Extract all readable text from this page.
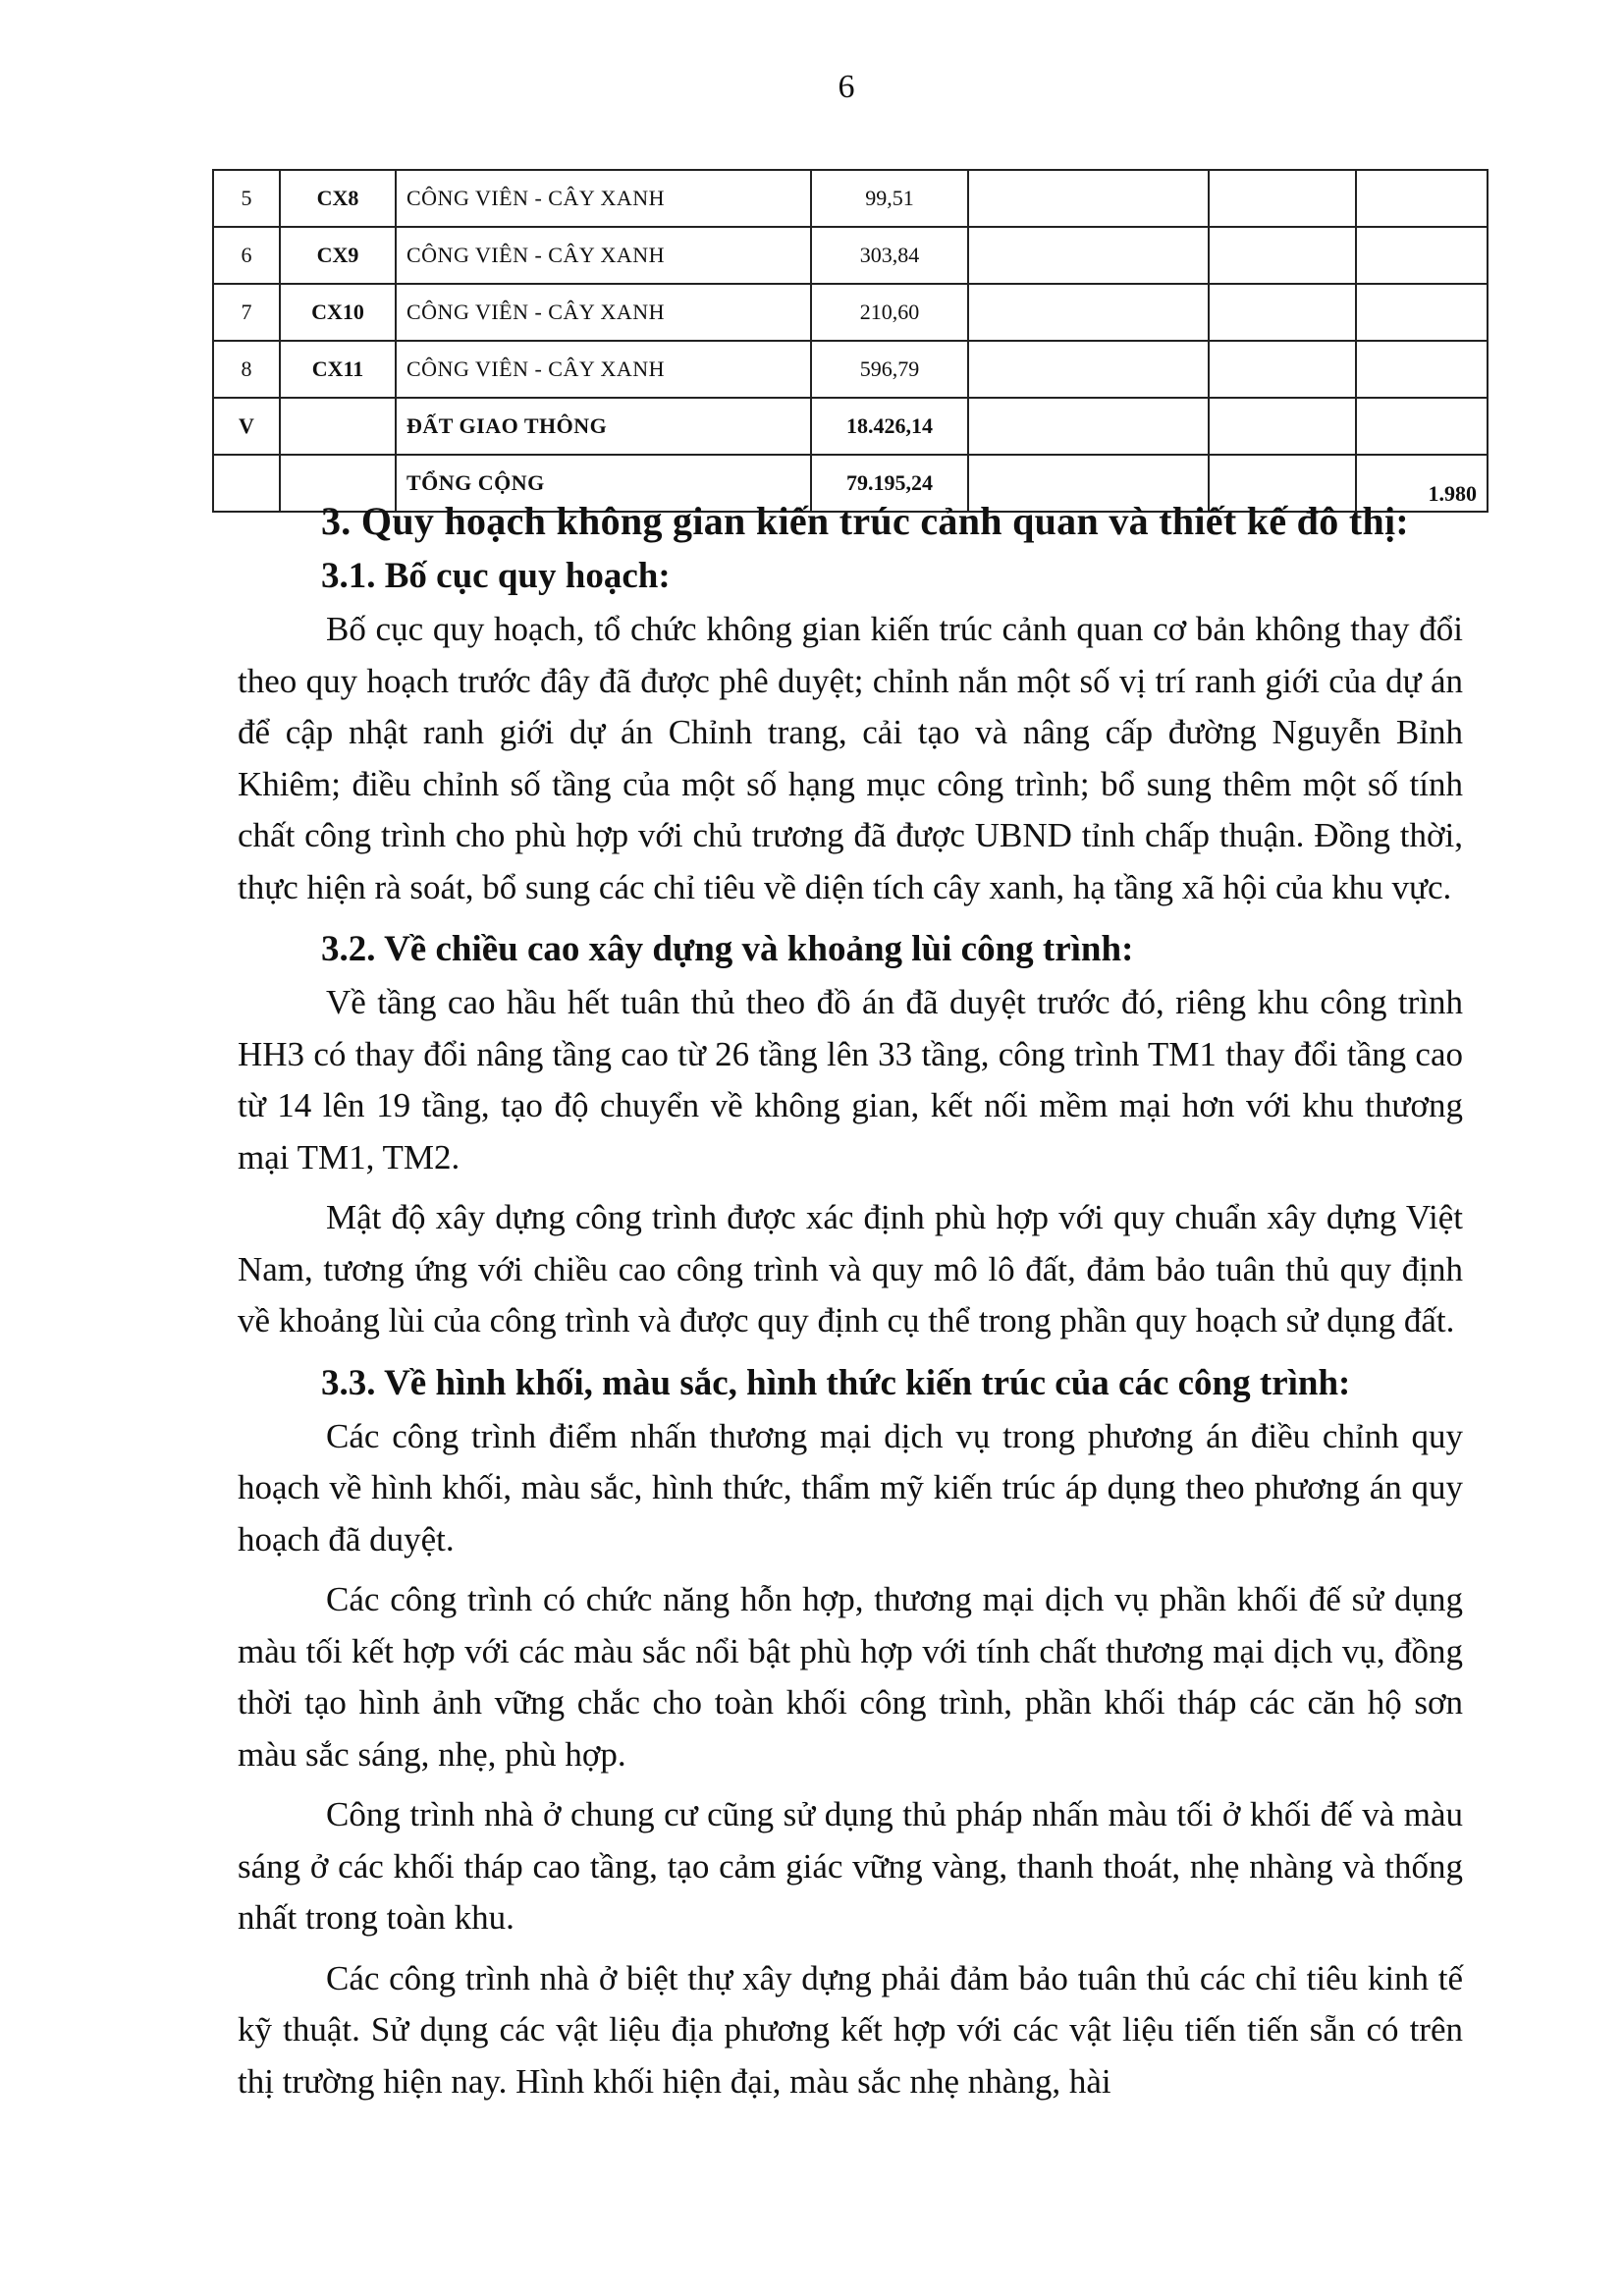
6
5	CX8	CÔNG VIÊN - CÂY XANH	99,51			
6	CX9	CÔNG VIÊN - CÂY XANH	303,84			
7	CX10	CÔNG VIÊN - CÂY XANH	210,60			
8	CX11	CÔNG VIÊN - CÂY XANH	596,79			
V		ĐẤT GIAO THÔNG	18.426,14			
		TỔNG CỘNG	79.195,24			1.980

3. Quy hoạch không gian kiến trúc cảnh quan và thiết kế đô thị:

3.1. Bố cục quy hoạch:

Bố cục quy hoạch, tổ chức không gian kiến trúc cảnh quan cơ bản không thay đổi theo quy hoạch trước đây đã được phê duyệt; chỉnh nắn một số vị trí ranh giới của dự án để cập nhật ranh giới dự án Chỉnh trang, cải tạo và nâng cấp đường Nguyễn Bỉnh Khiêm; điều chỉnh số tầng của một số hạng mục công trình; bổ sung thêm một số tính chất công trình cho phù hợp với chủ trương đã được UBND tỉnh chấp thuận. Đồng thời, thực hiện rà soát, bổ sung các chỉ tiêu về diện tích cây xanh, hạ tầng xã hội của khu vực.

3.2. Về chiều cao xây dựng và khoảng lùi công trình:

Về tầng cao hầu hết tuân thủ theo đồ án đã duyệt trước đó, riêng khu công trình HH3 có thay đổi nâng tầng cao từ 26 tầng lên 33 tầng, công trình TM1 thay đổi tầng cao từ 14 lên 19 tầng, tạo độ chuyển về không gian, kết nối mềm mại hơn với khu thương mại TM1, TM2.

Mật độ xây dựng công trình được xác định phù hợp với quy chuẩn xây dựng Việt Nam, tương ứng với chiều cao công trình và quy mô lô đất, đảm bảo tuân thủ quy định về khoảng lùi của công trình và được quy định cụ thể trong phần quy hoạch sử dụng đất.

3.3. Về hình khối, màu sắc, hình thức kiến trúc của các công trình:

Các công trình điểm nhấn thương mại dịch vụ trong phương án điều chỉnh quy hoạch về hình khối, màu sắc, hình thức, thẩm mỹ kiến trúc áp dụng theo phương án quy hoạch đã duyệt.

Các công trình có chức năng hỗn hợp, thương mại dịch vụ phần khối đế sử dụng màu tối kết hợp với các màu sắc nổi bật phù hợp với tính chất thương mại dịch vụ, đồng thời tạo hình ảnh vững chắc cho toàn khối công trình, phần khối tháp các căn hộ sơn màu sắc sáng, nhẹ, phù hợp.

Công trình nhà ở chung cư cũng sử dụng thủ pháp nhấn màu tối ở khối đế và màu sáng ở các khối tháp cao tầng, tạo cảm giác vững vàng, thanh thoát, nhẹ nhàng và thống nhất trong toàn khu.

Các công trình nhà ở biệt thự xây dựng phải đảm bảo tuân thủ các chỉ tiêu kinh tế kỹ thuật. Sử dụng các vật liệu địa phương kết hợp với các vật liệu tiến tiến sẵn có trên thị trường hiện nay. Hình khối hiện đại, màu sắc nhẹ nhàng, hài
